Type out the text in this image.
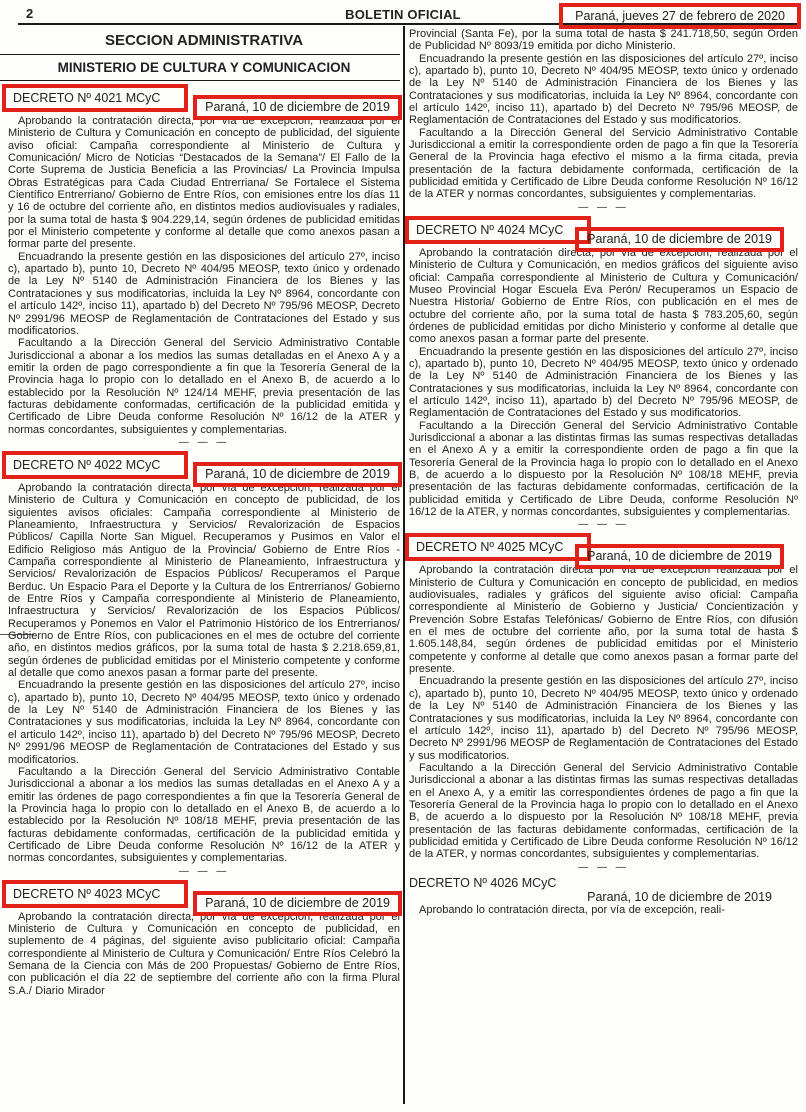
2	BOLETIN OFICIAL	Paraná, jueves 27 de febrero de 2020
SECCION ADMINISTRATIVA
MINISTERIO DE CULTURA Y COMUNICACION
DECRETO Nº 4021 MCyC
Paraná, 10 de diciembre de 2019

Aprobando la contratación directa, por vía de excepción, realizada por el Ministerio de Cultura y Comunicación en concepto de publicidad, del siguiente aviso oficial: Campaña correspondiente al Ministerio de Cultura y Comunicación/ Micro de Noticias “Destacados de la Semana”/ El Fallo de la Corte Suprema de Justicia Beneficia a las Provincias/ La Provincia Impulsa Obras Estratégicas para Cada Ciudad Entrerriana/ Se Fortalece el Sistema Científico Entrerriano/ Gobierno de Entre Ríos, con emisiones entre los días 11 y 16 de octubre del corriente año, en distintos medios audiovisuales y radiales, por la suma total de hasta $ 904.229,14, según órdenes de publicidad emitidas por el Ministerio competente y conforme al detalle que como anexos pasan a formar parte del presente.

Encuadrando la presente gestión en las disposiciones del artículo 27º, inciso c), apartado b), punto 10, Decreto Nº 404/95 MEOSP, texto único y ordenado de la Ley Nº 5140 de Administración Financiera de los Bienes y las Contrataciones y sus modificatorias, incluida la Ley Nº 8964, concordante con el artículo 142º, inciso 11), apartado b) del Decreto Nº 795/96 MEOSP, Decreto Nº 2991/96 MEOSP de Reglamentación de Contrataciones del Estado y sus modificatorios.

Facultando a la Dirección General del Servicio Administrativo Contable Jurisdiccional a abonar a los medios las sumas detalladas en el Anexo A y a emitir la orden de pago correspondiente a fin que la Tesorería General de la Provincia haga lo propio con lo detallado en el Anexo B, de acuerdo a lo establecido por la Resolución Nº 124/14 MEHF, previa presentación de las facturas debidamente conformadas, certificación de la publicidad emitida y Certificado de Libre Deuda conforme Resolución Nº 16/12 de la ATER y normas concordantes, subsiguientes y complementarias.

— — —
DECRETO Nº 4022 MCyC
Paraná, 10 de diciembre de 2019

Aprobando la contratación directa, por vía de excepción, realizada por el Ministerio de Cultura y Comunicación en concepto de publicidad, de los siguientes avisos oficiales: Campaña correspondiente al Ministerio de Planeamiento, Infraestructura y Servicios/ Revalorización de Espacios Públicos/ Capilla Norte San Miguel. Recuperamos y Pusimos en Valor el Edificio Religioso más Antiguo de la Provincia/ Gobierno de Entre Ríos - Campaña correspondiente al Ministerio de Planeamiento, Infraestructura y Servicios/ Revalorización de Espacios Públicos/ Recuperamos el Parque Berduc. Un Espacio Para el Deporte y la Cultura de los Entrerrianos/ Gobierno de Entre Ríos y Campaña correspondiente al Ministerio de Planeamiento, Infraestructura y Servicios/ Revalorización de los Espacios Públicos/ Recuperamos y Ponemos en Valor el Patrimonio Histórico de los Entrerrianos/ Gobierno de Entre Ríos, con publicaciones en el mes de octubre del corriente año, en distintos medios gráficos, por la suma total de hasta $ 2.218.659,81, según órdenes de publicidad emitidas por el Ministerio competente y conforme al detalle que como anexos pasan a formar parte del presente.

Encuadrando la presente gestión en las disposiciones del artículo 27º, inciso c), apartado b), punto 10, Decreto Nº 404/95 MEOSP, texto único y ordenado de la Ley Nº 5140 de Administración Financiera de los Bienes y las Contrataciones y sus modificatorias, incluida la Ley Nº 8964, concordante con el articulo 142º, inciso 11), apartado b) del Decreto Nº 795/96 MEOSP, Decreto Nº 2991/96 MEOSP de Reglamentación de Contrataciones del Estado y sus modificatorios.

Facultando a la Dirección General del Servicio Administrativo Contable Jurisdiccional a abonar a los medios las sumas detalladas en el Anexo A y a emitir las órdenes de pago correspondientes a fin que la Tesorería General de la Provincia haga lo propio con lo detallado en el Anexo B, de acuerdo a lo establecido por la Resolución Nº 108/18 MEHF, previa presentación de las facturas debidamente conformadas, certificación de la publicidad emitida y Certificado de Libre Deuda conforme Resolución Nº 16/12 de la ATER y normas concordantes, subsiguientes y complementarias.

— — —
DECRETO Nº 4023 MCyC
Paraná, 10 de diciembre de 2019

Aprobando la contratación directa, por vía de excepción, realizada por el Ministerio de Cultura y Comunicación en concepto de publicidad, en suplemento de 4 páginas, del siguiente aviso publicitario oficial: Campaña correspondiente al Ministerio de Cultura y Comunicación/ Entre Ríos Celebró la Semana de la Ciencia con Más de 200 Propuestas/ Gobierno de Entre Ríos, con publicación el día 22 de septiembre del corriente año con la firma Plural S.A./ Diario Mirador

Provincial (Santa Fe), por la suma total de hasta $ 241.718,50, según Orden de Publicidad Nº 8093/19 emitida por dicho Ministerio.

Encuadrando la presente gestión en las disposiciones del artículo 27º, inciso c), apartado b), punto 10, Decreto Nº 404/95 MEOSP, texto único y ordenado de la Ley Nº 5140 de Administración Financiera de los Bienes y las Contrataciones y sus modificatorias, incluida la Ley Nº 8964, concordante con el artículo 142º, inciso 11), apartado b) del Decreto Nº 795/96 MEOSP, de Reglamentación de Contrataciones del Estado y sus modificatorios.

Facultando a la Dirección General del Servicio Administrativo Contable Jurisdiccional a emitir la correspondiente orden de pago a fin que la Tesorería General de la Provincia haga efectivo el mismo a la firma citada, previa presentación de la factura debidamente conformada, certificación de la publicidad emitida y Certificado de Libre Deuda conforme Resolución Nº 16/12 de la ATER y normas concordantes, subsiguientes y complementarias.

— — —
DECRETO Nº 4024 MCyC
Paraná, 10 de diciembre de 2019

Aprobando la contratación directa, por vía de excepción, realizada por el Ministerio de Cultura y Comunicación, en medios gráficos del siguiente aviso oficial: Campaña correspondiente al Ministerio de Cultura y Comunicación/ Museo Provincial Hogar Escuela Eva Perón/ Recuperamos un Espacio de Nuestra Historia/ Gobierno de Entre Ríos, con publicación en el mes de octubre del corriente año, por la suma total de hasta $ 783.205,60, según órdenes de publicidad emitidas por dicho Ministerio y conforme al detalle que como anexos pasan a formar parte del presente.

Encuadrando la presente gestión en las disposiciones del artículo 27º, inciso c), apartado b), punto 10, Decreto Nº 404/95 MEOSP, texto único y ordenado de la Ley Nº 5140 de Administración Financiera de los Bienes y las Contrataciones y sus modificatorias, incluida la Ley Nº 8964, concordante con el artículo 142º, inciso 11), apartado b) del Decreto Nº 795/96 MEOSP, de Reglamentación de Contrataciones del Estado y sus modificatorios.

Facultando a la Dirección General del Servicio Administrativo Contable Jurisdiccional a abonar a las distintas firmas las sumas respectivas detalladas en el Anexo A y a emitir la correspondiente orden de pago a fin que la Tesorería General de la Provincia haga lo propio con lo detallado en el Anexo B, de acuerdo a lo dispuesto por la Resolución Nº 108/18 MEHF, previa presentación de las facturas debidamente conformadas, certificación de la publicidad emitida y Certificado de Libre Deuda, conforme Resolución Nº 16/12 de la ATER, y normas concordantes, subsiguientes y complementarias.

— — —
DECRETO Nº 4025 MCyC
Paraná, 10 de diciembre de 2019

Aprobando la contratación directa por vía de excepción realizada por el Ministerio de Cultura y Comunicación en concepto de publicidad, en medios audiovisuales, radiales y gráficos del siguiente aviso oficial: Campaña correspondiente al Ministerio de Gobierno y Justicia/ Concientización y Prevención Sobre Estafas Telefónicas/ Gobierno de Entre Ríos, con difusión en el mes de octubre del corriente año, por la suma total de hasta $ 1.605.148,84, según órdenes de publicidad emitidas por el Ministerio competente y conforme al detalle que como anexos pasan a formar parte del presente.

Encuadrando la presente gestión en las disposiciones del artículo 27º, inciso c), apartado b), punto 10, Decreto Nº 404/95 MEOSP, texto único y ordenado de la Ley Nº 5140 de Administración Financiera de los Bienes y las Contrataciones y sus modificatorias, incluida la Ley Nº 8964, concordante con el artículo 142º, inciso 11), apartado b) del Decreto Nº 795/96 MEOSP, Decreto Nº 2991/96 MEOSP de Reglamentación de Contrataciones del Estado y sus modificatorios.

Facultando a la Dirección General del Servicio Administrativo Contable Jurisdiccional a abonar a las distintas firmas las sumas respectivas detalladas en el Anexo A, y a emitir las correspondientes órdenes de pago a fin que la Tesorería General de la Provincia haga lo propio con lo detallado en el Anexo B, de acuerdo a lo dispuesto por la Resolución Nº 108/18 MEHF, previa presentación de las facturas debidamente conformadas, certificación de la publicidad emitida y Certificado de Libre Deuda conforme Resolución Nº 16/12 de la ATER, y normas concordantes, subsiguientes y complementarias.

— — —
DECRETO Nº 4026 MCyC
Paraná, 10 de diciembre de 2019

Aprobando lo contratación directa, por vía de excepción, reali-
